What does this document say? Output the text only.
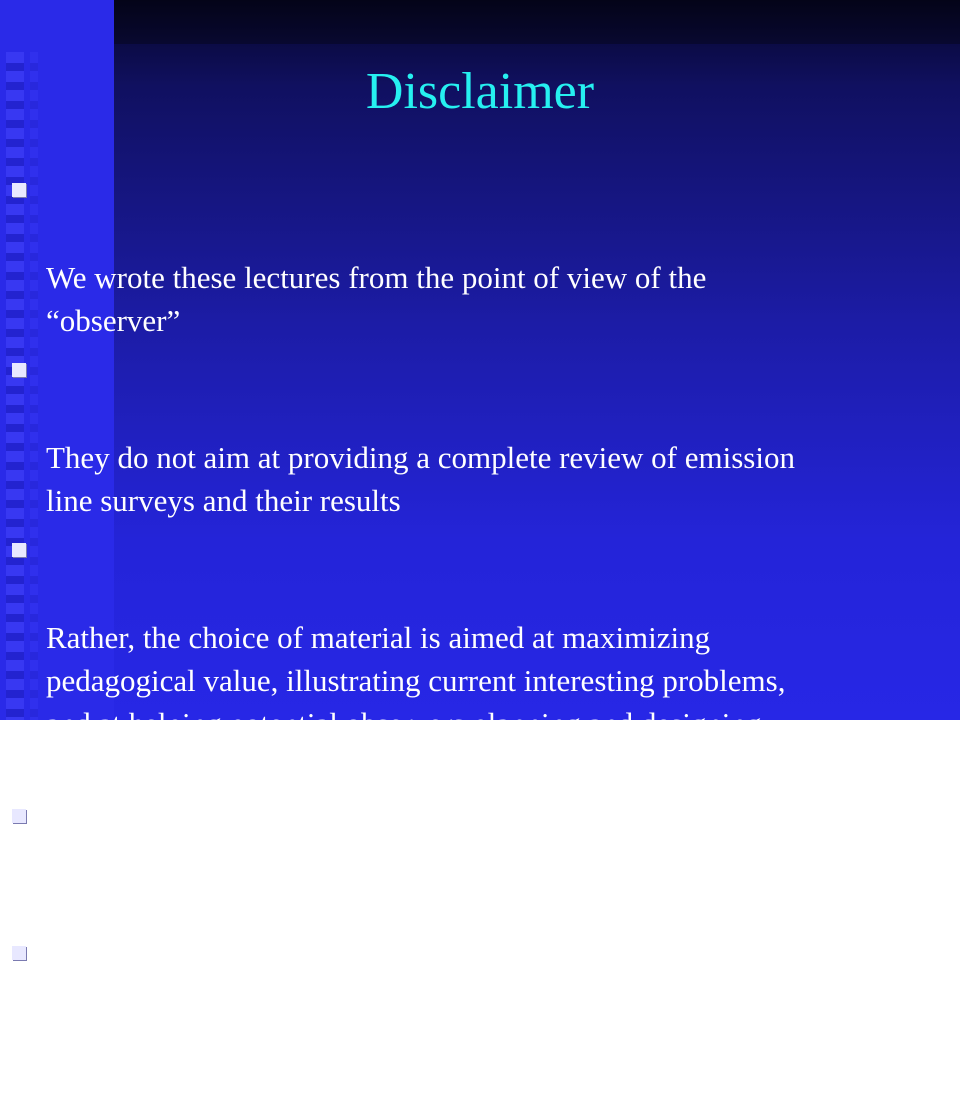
Disclaimer

We wrote these lectures from the point of view of the
“observer”

They do not aim at providing a complete review of emission
line surveys and their results

Rather, the choice of material is aimed at maximizing
pedagogical value, illustrating current interesting problems,
and at helping potential observers planning and designing
their own emission line surveys

It also reflects our personal tastes and bias

Readers are strongly encouraged to do further, comparative
research in any specific subject discussed here
